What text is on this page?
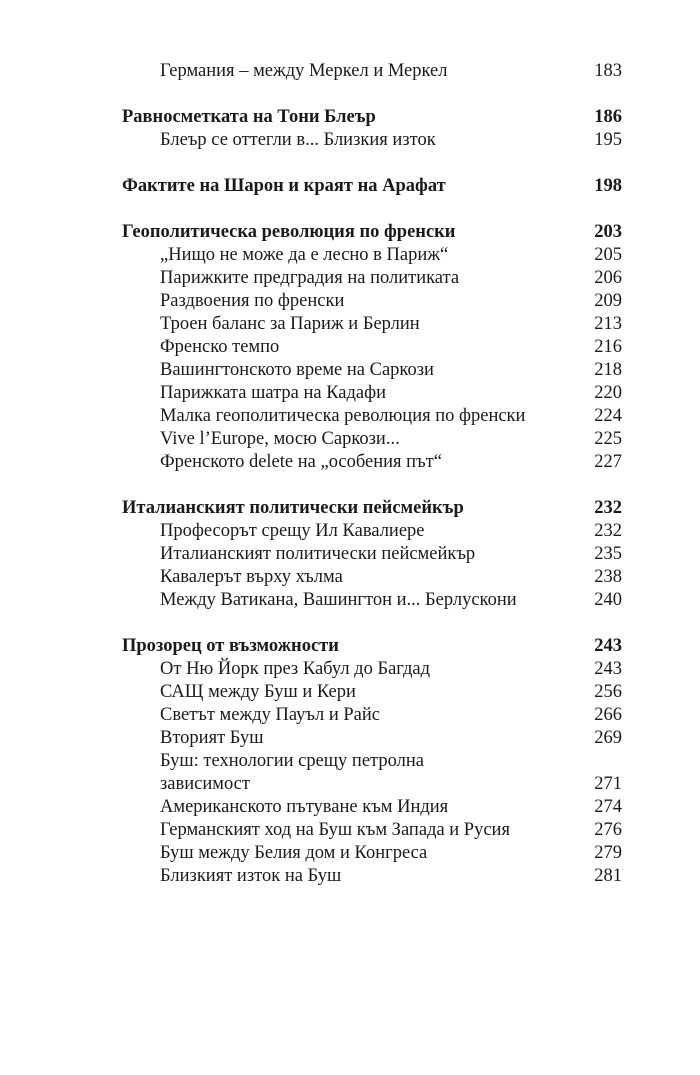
Германия – между Меркел и Меркел	183
Равносметката на Тони Блеър	186
Блеър се оттегли в... Близкия изток	195
Фактите на Шарон и краят на Арафат	198
Геополитическа революция по френски	203
„Нищо не може да е лесно в Париж“	205
Парижките предградия на политиката	206
Раздвоения по френски	209
Троен баланс за Париж и Берлин	213
Френско темпо	216
Вашингтонското време на Саркози	218
Парижката шатра на Кадафи	220
Малка геополитическа революция по френски	224
Vive l’Europe, мосю Саркози...	225
Френското delete на „особения път“	227
Италианският политически пейсмейкър	232
Професорът срещу Ил Кавалиере	232
Италианският политически пейсмейкър	235
Кавалерът върху хълма	238
Между Ватикана, Вашингтон и... Берлускони	240
Прозорец от възможности	243
От Ню Йорк през Кабул до Багдад	243
САЩ между Буш и Кери	256
Светът между Пауъл и Райс	266
Вторият Буш	269
Буш: технологии срещу петролна
зависимост	271
Американското пътуване към Индия	274
Германският ход на Буш към Запада и Русия	276
Буш между Белия дом и Конгреса	279
Близкият изток на Буш	281
